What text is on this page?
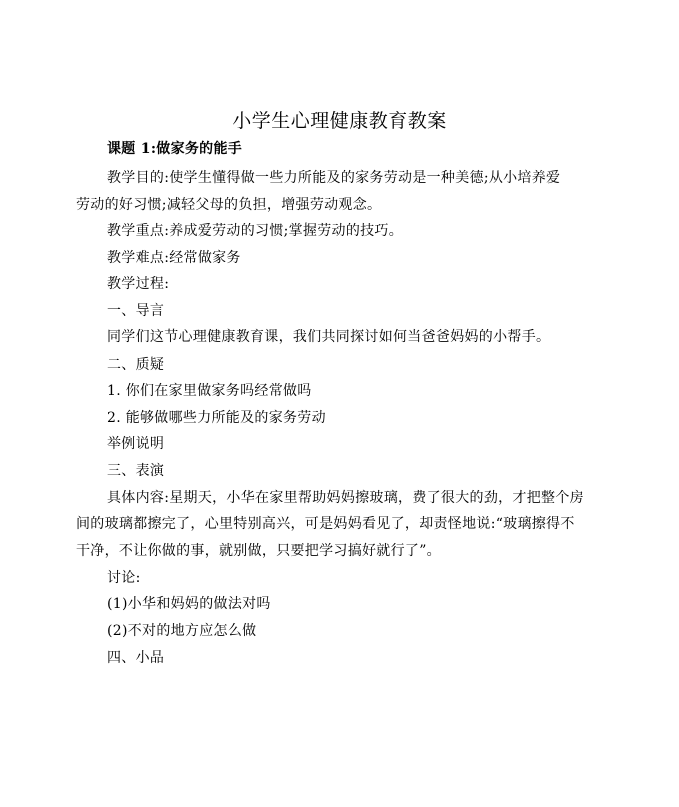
小学生心理健康教育教案
课题 1:做家务的能手
教学目的:使学生懂得做一些力所能及的家务劳动是一种美德;从小培养爱
劳动的好习惯;减轻父母的负担，增强劳动观念。
教学重点:养成爱劳动的习惯;掌握劳动的技巧。
教学难点:经常做家务
教学过程:
一、导言
同学们这节心理健康教育课，我们共同探讨如何当爸爸妈妈的小帮手。
二、质疑
1. 你们在家里做家务吗经常做吗
2. 能够做哪些力所能及的家务劳动
举例说明
三、表演
具体内容:星期天，小华在家里帮助妈妈擦玻璃，费了很大的劲，才把整个房
间的玻璃都擦完了，心里特别高兴，可是妈妈看见了，却责怪地说:“玻璃擦得不
干净，不让你做的事，就别做，只要把学习搞好就行了”。
讨论:
(1)小华和妈妈的做法对吗
(2)不对的地方应怎么做
四、小品
